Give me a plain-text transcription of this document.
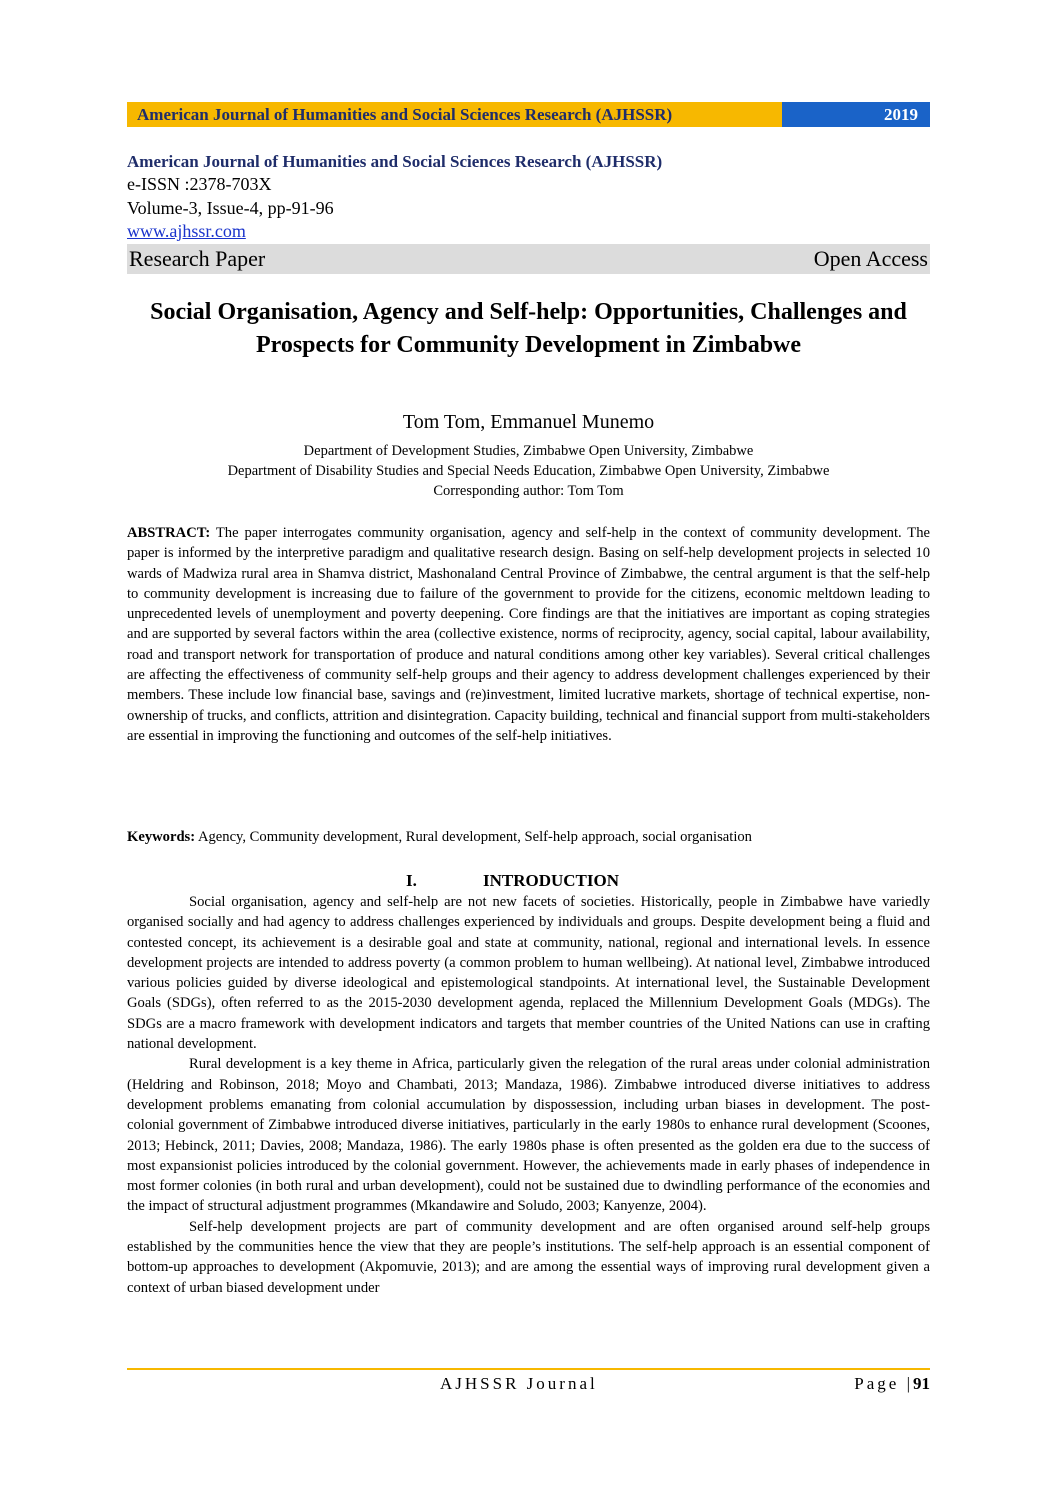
American Journal of Humanities and Social Sciences Research (AJHSSR)	2019
American Journal of Humanities and Social Sciences Research (AJHSSR)
e-ISSN :2378-703X
Volume-3, Issue-4, pp-91-96
www.ajhssr.com
Research Paper	Open Access
Social Organisation, Agency and Self-help: Opportunities, Challenges and Prospects for Community Development in Zimbabwe
Tom Tom, Emmanuel Munemo
Department of Development Studies, Zimbabwe Open University, Zimbabwe
Department of Disability Studies and Special Needs Education, Zimbabwe Open University, Zimbabwe
Corresponding author: Tom Tom
ABSTRACT: The paper interrogates community organisation, agency and self-help in the context of community development. The paper is informed by the interpretive paradigm and qualitative research design. Basing on self-help development projects in selected 10 wards of Madwiza rural area in Shamva district, Mashonaland Central Province of Zimbabwe, the central argument is that the self-help to community development is increasing due to failure of the government to provide for the citizens, economic meltdown leading to unprecedented levels of unemployment and poverty deepening. Core findings are that the initiatives are important as coping strategies and are supported by several factors within the area (collective existence, norms of reciprocity, agency, social capital, labour availability, road and transport network for transportation of produce and natural conditions among other key variables). Several critical challenges are affecting the effectiveness of community self-help groups and their agency to address development challenges experienced by their members. These include low financial base, savings and (re)investment, limited lucrative markets, shortage of technical expertise, non-ownership of trucks, and conflicts, attrition and disintegration. Capacity building, technical and financial support from multi-stakeholders are essential in improving the functioning and outcomes of the self-help initiatives.
Keywords: Agency, Community development, Rural development, Self-help approach, social organisation
I.	INTRODUCTION

Social organisation, agency and self-help are not new facets of societies. Historically, people in Zimbabwe have variedly organised socially and had agency to address challenges experienced by individuals and groups. Despite development being a fluid and contested concept, its achievement is a desirable goal and state at community, national, regional and international levels. In essence development projects are intended to address poverty (a common problem to human wellbeing). At national level, Zimbabwe introduced various policies guided by diverse ideological and epistemological standpoints. At international level, the Sustainable Development Goals (SDGs), often referred to as the 2015-2030 development agenda, replaced the Millennium Development Goals (MDGs). The SDGs are a macro framework with development indicators and targets that member countries of the United Nations can use in crafting national development.

Rural development is a key theme in Africa, particularly given the relegation of the rural areas under colonial administration (Heldring and Robinson, 2018; Moyo and Chambati, 2013; Mandaza, 1986). Zimbabwe introduced diverse initiatives to address development problems emanating from colonial accumulation by dispossession, including urban biases in development. The post-colonial government of Zimbabwe introduced diverse initiatives, particularly in the early 1980s to enhance rural development (Scoones, 2013; Hebinck, 2011; Davies, 2008; Mandaza, 1986). The early 1980s phase is often presented as the golden era due to the success of most expansionist policies introduced by the colonial government. However, the achievements made in early phases of independence in most former colonies (in both rural and urban development), could not be sustained due to dwindling performance of the economies and the impact of structural adjustment programmes (Mkandawire and Soludo, 2003; Kanyenze, 2004).

Self-help development projects are part of community development and are often organised around self-help groups established by the communities hence the view that they are people’s institutions. The self-help approach is an essential component of bottom-up approaches to development (Akpomuvie, 2013); and are among the essential ways of improving rural development given a context of urban biased development under

AJHSSR Journal	Page |91
